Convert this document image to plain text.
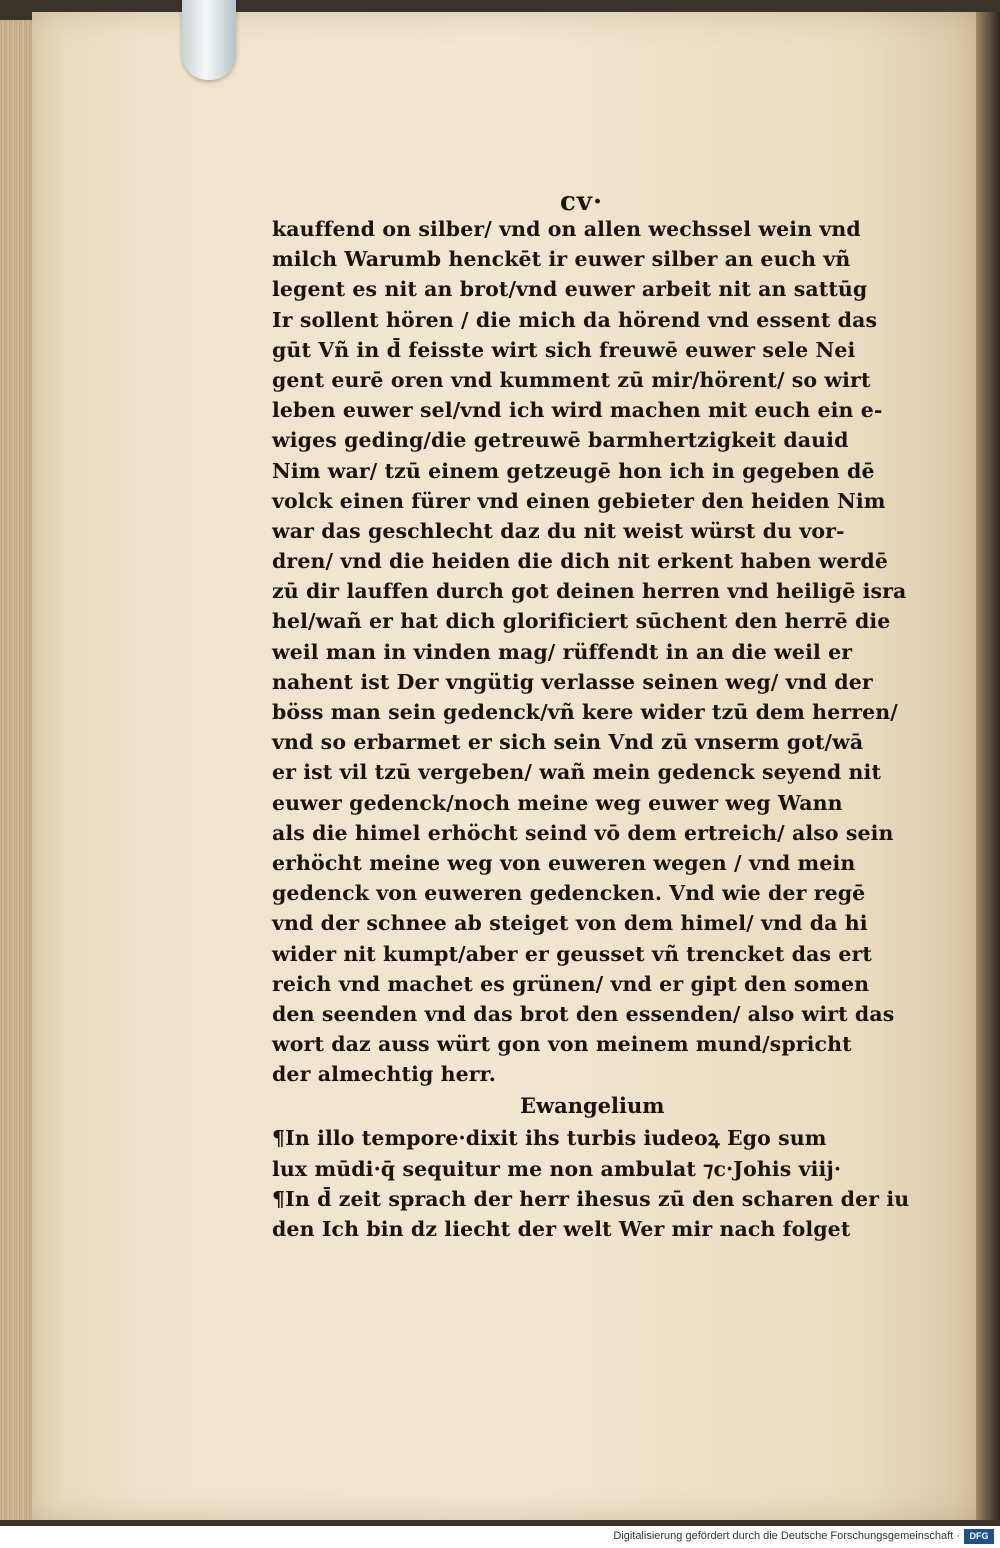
cv·
kauffend on silber/ vnd on allen wechssel wein vnd
milch Warumb henckēt ir euwer silber an euch vñ
legent es nit an brot/vnd euwer arbeit nit an sattūg
Ir sollent hören / die mich da hörend vnd essent das
gūt Vñ in d̄ feisste wirt sich freuwē euwer sele Nei
gent eurē oren vnd kumment zū mir/hörent/ so wirt
leben euwer sel/vnd ich wird machen mit euch ein e-
wiges geding/die getreuwē barmhertzigkeit dauid
Nim war/ tzū einem getzeugē hon ich in gegeben dē
volck einen fürer vnd einen gebieter den heiden Nim
war das geschlecht daz du nit weist würst du vor-
dren/ vnd die heiden die dich nit erkent haben werdē
zū dir lauffen durch got deinen herren vnd heiligē isra
hel/wañ er hat dich glorificiert sūchent den herrē die
weil man in vinden mag/ rüffendt in an die weil er
nahent ist Der vngütig verlasse seinen weg/ vnd der
böss man sein gedenck/vñ kere wider tzū dem herren/
vnd so erbarmet er sich sein Vnd zū vnserm got/wā
er ist vil tzū vergeben/ wañ mein gedenck seyend nit
euwer gedenck/noch meine weg euwer weg Wann
als die himel erhöcht seind vō dem ertreich/ also sein
erhöcht meine weg von euweren wegen / vnd mein
gedenck von euweren gedencken. Vnd wie der regē
vnd der schnee ab steiget von dem himel/ vnd da hi
wider nit kumpt/aber er geusset vñ trencket das ert
reich vnd machet es grünen/ vnd er gipt den somen
den seenden vnd das brot den essenden/ also wirt das
wort daz auss würt gon von meinem mund/spricht
der almechtig herr.
Ewangelium
¶In illo tempore·dixit ihs turbis iudeoꝝ Ego sum
lux mūdi·q̄ sequitur me non ambulat ⁊c·Johis viij·
¶In d̄ zeit sprach der herr ihesus zū den scharen der iu
den Ich bin dz liecht der welt Wer mir nach folget
Digitalisierung gefördert durch die Deutsche Forschungsgemeinschaft ·	DFG
